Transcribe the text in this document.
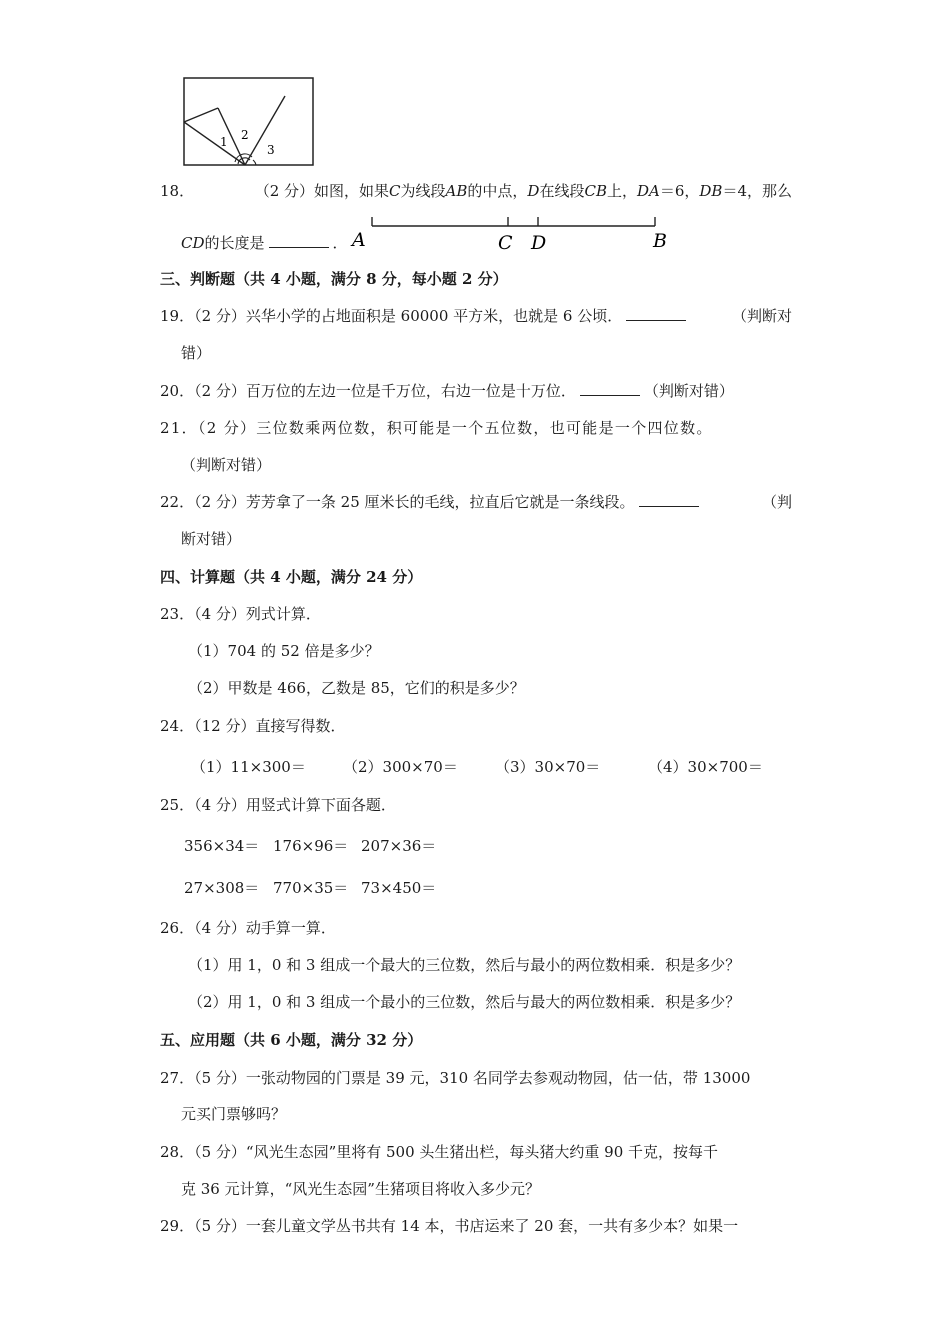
1 2
3
18．	（2 分）如图，如果C为线段AB的中点，D在线段CB上，DA＝6，DB＝4，那么
CD的长度是	． A	C D	B
三、判断题（共 4 小题，满分 8 分，每小题 2 分）
19．（2 分）兴华小学的占地面积是 60000 平方米，也就是 6 公顷．	（判断对
错）
20．（2 分）百万位的左边一位是千万位，右边一位是十万位．	（判断对错）
21．（2 分）三位数乘两位数，积可能是一个五位数，也可能是一个四位数。
（判断对错）
22．（2 分）芳芳拿了一条 25 厘米长的毛线，拉直后它就是一条线段。	（判
断对错）
四、计算题（共 4 小题，满分 24 分）
23．（4 分）列式计算．
（1）704 的 52 倍是多少？
（2）甲数是 466，乙数是 85，它们的积是多少？
24．（12 分）直接写得数．
（1）11×300＝ （2）300×70＝ （3）30×70＝	（4）30×700＝
25．（4 分）用竖式计算下面各题．
356×34＝ 176×96＝ 207×36＝
27×308＝ 770×35＝ 73×450＝
26．（4 分）动手算一算．
（1）用 1，0 和 3 组成一个最大的三位数，然后与最小的两位数相乘．积是多少？
（2）用 1，0 和 3 组成一个最小的三位数，然后与最大的两位数相乘．积是多少？
五、应用题（共 6 小题，满分 32 分）
27．（5 分）一张动物园的门票是 39 元，310 名同学去参观动物园，估一估，带 13000
元买门票够吗？
28．（5 分）“风光生态园”里将有 500 头生猪出栏，每头猪大约重 90 千克，按每千
克 36 元计算，“风光生态园”生猪项目将收入多少元？
29．（5 分）一套儿童文学丛书共有 14 本，书店运来了 20 套，一共有多少本？如果一
